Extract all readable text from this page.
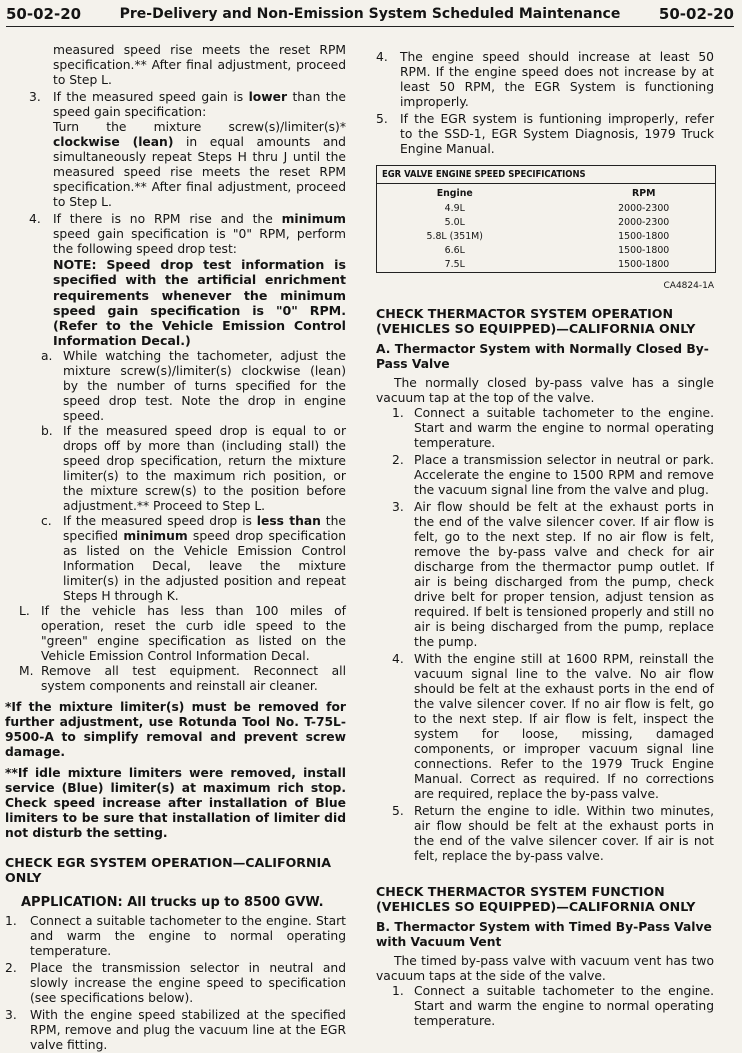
50-02-20	Pre-Delivery and Non-Emission System Scheduled Maintenance	50-02-20

measured speed rise meets the reset RPM specification.** After final adjustment, proceed to Step L.

3. If the measured speed gain is lower than the speed gain specification:

Turn the mixture screw(s)/limiter(s)* clockwise (lean) in equal amounts and simultaneously repeat Steps H thru J until the measured speed rise meets the reset RPM specification.** After final adjustment, proceed to Step L.

4. If there is no RPM rise and the minimum speed gain specification is "0" RPM, perform the following speed drop test:

NOTE: Speed drop test information is specified with the artificial enrichment requirements whenever the minimum speed gain specification is "0" RPM. (Refer to the Vehicle Emission Control Information Decal.)

a. While watching the tachometer, adjust the mixture screw(s)/limiter(s) clockwise (lean) by the number of turns specified for the speed drop test. Note the drop in engine speed.
b. If the measured speed drop is equal to or drops off by more than (including stall) the speed drop specification, return the mixture limiter(s) to the maximum rich position, or the mixture screw(s) to the position before adjustment.** Proceed to Step L.
c. If the measured speed drop is less than the specified minimum speed drop specification as listed on the Vehicle Emission Control Information Decal, leave the mixture limiter(s) in the adjusted position and repeat Steps H through K.
L. If the vehicle has less than 100 miles of operation, reset the curb idle speed to the "green" engine specification as listed on the Vehicle Emission Control Information Decal.
M. Remove all test equipment. Reconnect all system components and reinstall air cleaner.

*If the mixture limiter(s) must be removed for further adjustment, use Rotunda Tool No. T-75L-9500-A to simplify removal and prevent screw damage.

**If idle mixture limiters were removed, install service (Blue) limiter(s) at maximum rich stop. Check speed increase after installation of Blue limiters to be sure that installation of limiter did not disturb the setting.

CHECK EGR SYSTEM OPERATION—CALIFORNIA ONLY

APPLICATION: All trucks up to 8500 GVW.

1.	Connect a suitable tachometer to the engine. Start and warm the engine to normal operating temperature.
2.	Place the transmission selector in neutral and slowly increase the engine speed to specification (see specifications below).
3.	With the engine speed stabilized at the specified RPM, remove and plug the vacuum line at the EGR valve fitting.
4. The engine speed should increase at least 50 RPM. If the engine speed does not increase by at least 50 RPM, the EGR System is functioning improperly.
5. If the EGR system is funtioning improperly, refer to the SSD-1, EGR System Diagnosis, 1979 Truck Engine Manual.
EGR VALVE ENGINE SPEED SPECIFICATIONS
Engine	RPM
4.9L	2000-2300
5.0L	2000-2300
5.8L (351M)	1500-1800
6.6L	1500-1800
7.5L	1500-1800
CA4824-1A

CHECK THERMACTOR SYSTEM OPERATION (VEHICLES SO EQUIPPED)—CALIFORNIA ONLY

A. Thermactor System with Normally Closed By-Pass Valve

The normally closed by-pass valve has a single vacuum tap at the top of the valve.

1. Connect a suitable tachometer to the engine. Start and warm the engine to normal operating temperature.
2. Place a transmission selector in neutral or park. Accelerate the engine to 1500 RPM and remove the vacuum signal line from the valve and plug.
3. Air flow should be felt at the exhaust ports in the end of the valve silencer cover. If air flow is felt, go to the next step. If no air flow is felt, remove the by-pass valve and check for air discharge from the thermactor pump outlet. If air is being discharged from the pump, check drive belt for proper tension, adjust tension as required. If belt is tensioned properly and still no air is being discharged from the pump, replace the pump.
4. With the engine still at 1600 RPM, reinstall the vacuum signal line to the valve. No air flow should be felt at the exhaust ports in the end of the valve silencer cover. If no air flow is felt, go to the next step. If air flow is felt, inspect the system for loose, missing, damaged components, or improper vacuum signal line connections. Refer to the 1979 Truck Engine Manual. Correct as required. If no corrections are required, replace the by-pass valve.
5. Return the engine to idle. Within two minutes, air flow should be felt at the exhaust ports in the end of the valve silencer cover. If air is not felt, replace the by-pass valve.

CHECK THERMACTOR SYSTEM FUNCTION (VEHICLES SO EQUIPPED)—CALIFORNIA ONLY

B. Thermactor System with Timed By-Pass Valve with Vacuum Vent

The timed by-pass valve with vacuum vent has two vacuum taps at the side of the valve.

1. Connect a suitable tachometer to the engine. Start and warm the engine to normal operating temperature.
